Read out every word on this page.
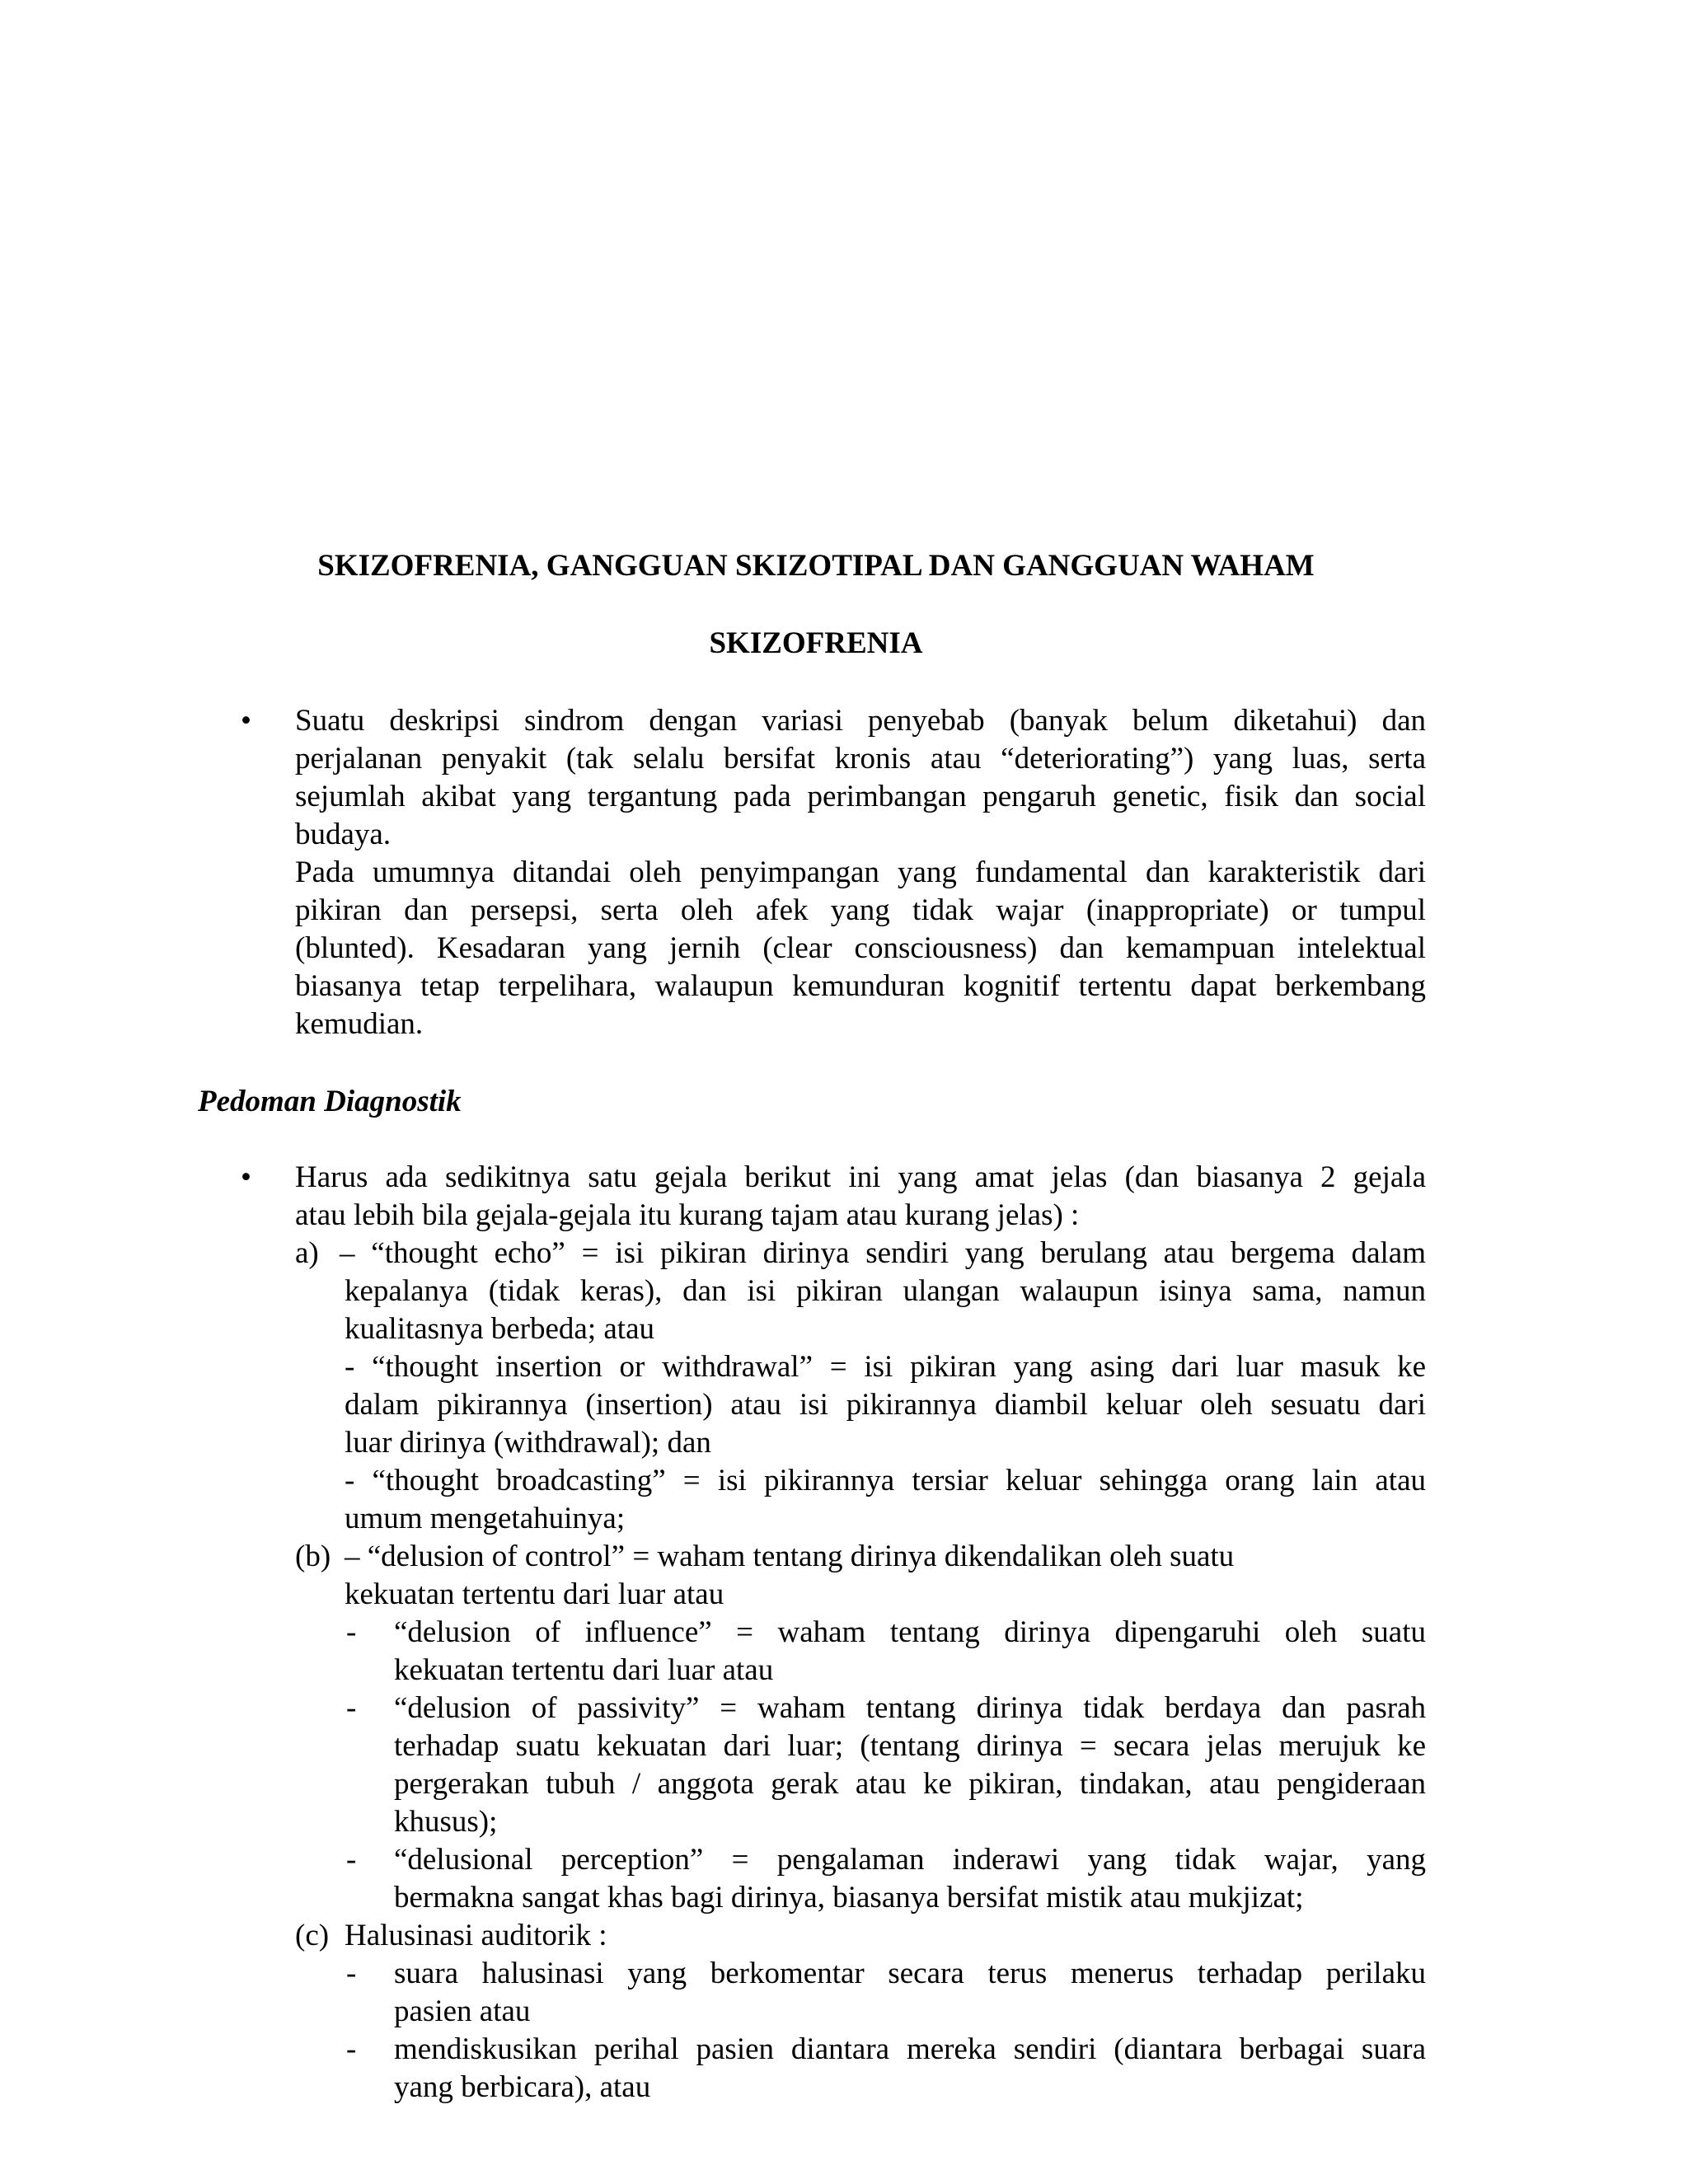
SKIZOFRENIA, GANGGUAN SKIZOTIPAL DAN GANGGUAN WAHAM
SKIZOFRENIA
• Suatu deskripsi sindrom dengan variasi penyebab (banyak belum diketahui) dan
perjalanan penyakit (tak selalu bersifat kronis atau “deteriorating”) yang luas, serta
sejumlah akibat yang tergantung pada perimbangan pengaruh genetic, fisik dan social
budaya.
Pada umumnya ditandai oleh penyimpangan yang fundamental dan karakteristik dari
pikiran dan persepsi, serta oleh afek yang tidak wajar (inappropriate) or tumpul
(blunted). Kesadaran yang jernih (clear consciousness) dan kemampuan intelektual
biasanya tetap terpelihara, walaupun kemunduran kognitif tertentu dapat berkembang
kemudian.
Pedoman Diagnostik
• Harus ada sedikitnya satu gejala berikut ini yang amat jelas (dan biasanya 2 gejala
atau lebih bila gejala-gejala itu kurang tajam atau kurang jelas) :
a) – “thought echo” = isi pikiran dirinya sendiri yang berulang atau bergema dalam
kepalanya (tidak keras), dan isi pikiran ulangan walaupun isinya sama, namun
kualitasnya berbeda; atau
- “thought insertion or withdrawal” = isi pikiran yang asing dari luar masuk ke
dalam pikirannya (insertion) atau isi pikirannya diambil keluar oleh sesuatu dari
luar dirinya (withdrawal); dan
- “thought broadcasting” = isi pikirannya tersiar keluar sehingga orang lain atau
umum mengetahuinya;
(b) – “delusion of control” = waham tentang dirinya dikendalikan oleh suatu
kekuatan tertentu dari luar atau
- “delusion of influence” = waham tentang dirinya dipengaruhi oleh suatu
kekuatan tertentu dari luar atau
- “delusion of passivity” = waham tentang dirinya tidak berdaya dan pasrah
terhadap suatu kekuatan dari luar; (tentang dirinya = secara jelas merujuk ke
pergerakan tubuh / anggota gerak atau ke pikiran, tindakan, atau pengideraan
khusus);
- “delusional perception” = pengalaman inderawi yang tidak wajar, yang
bermakna sangat khas bagi dirinya, biasanya bersifat mistik atau mukjizat;
(c) Halusinasi auditorik :
- suara halusinasi yang berkomentar secara terus menerus terhadap perilaku
pasien atau
- mendiskusikan perihal pasien diantara mereka sendiri (diantara berbagai suara
yang berbicara), atau
